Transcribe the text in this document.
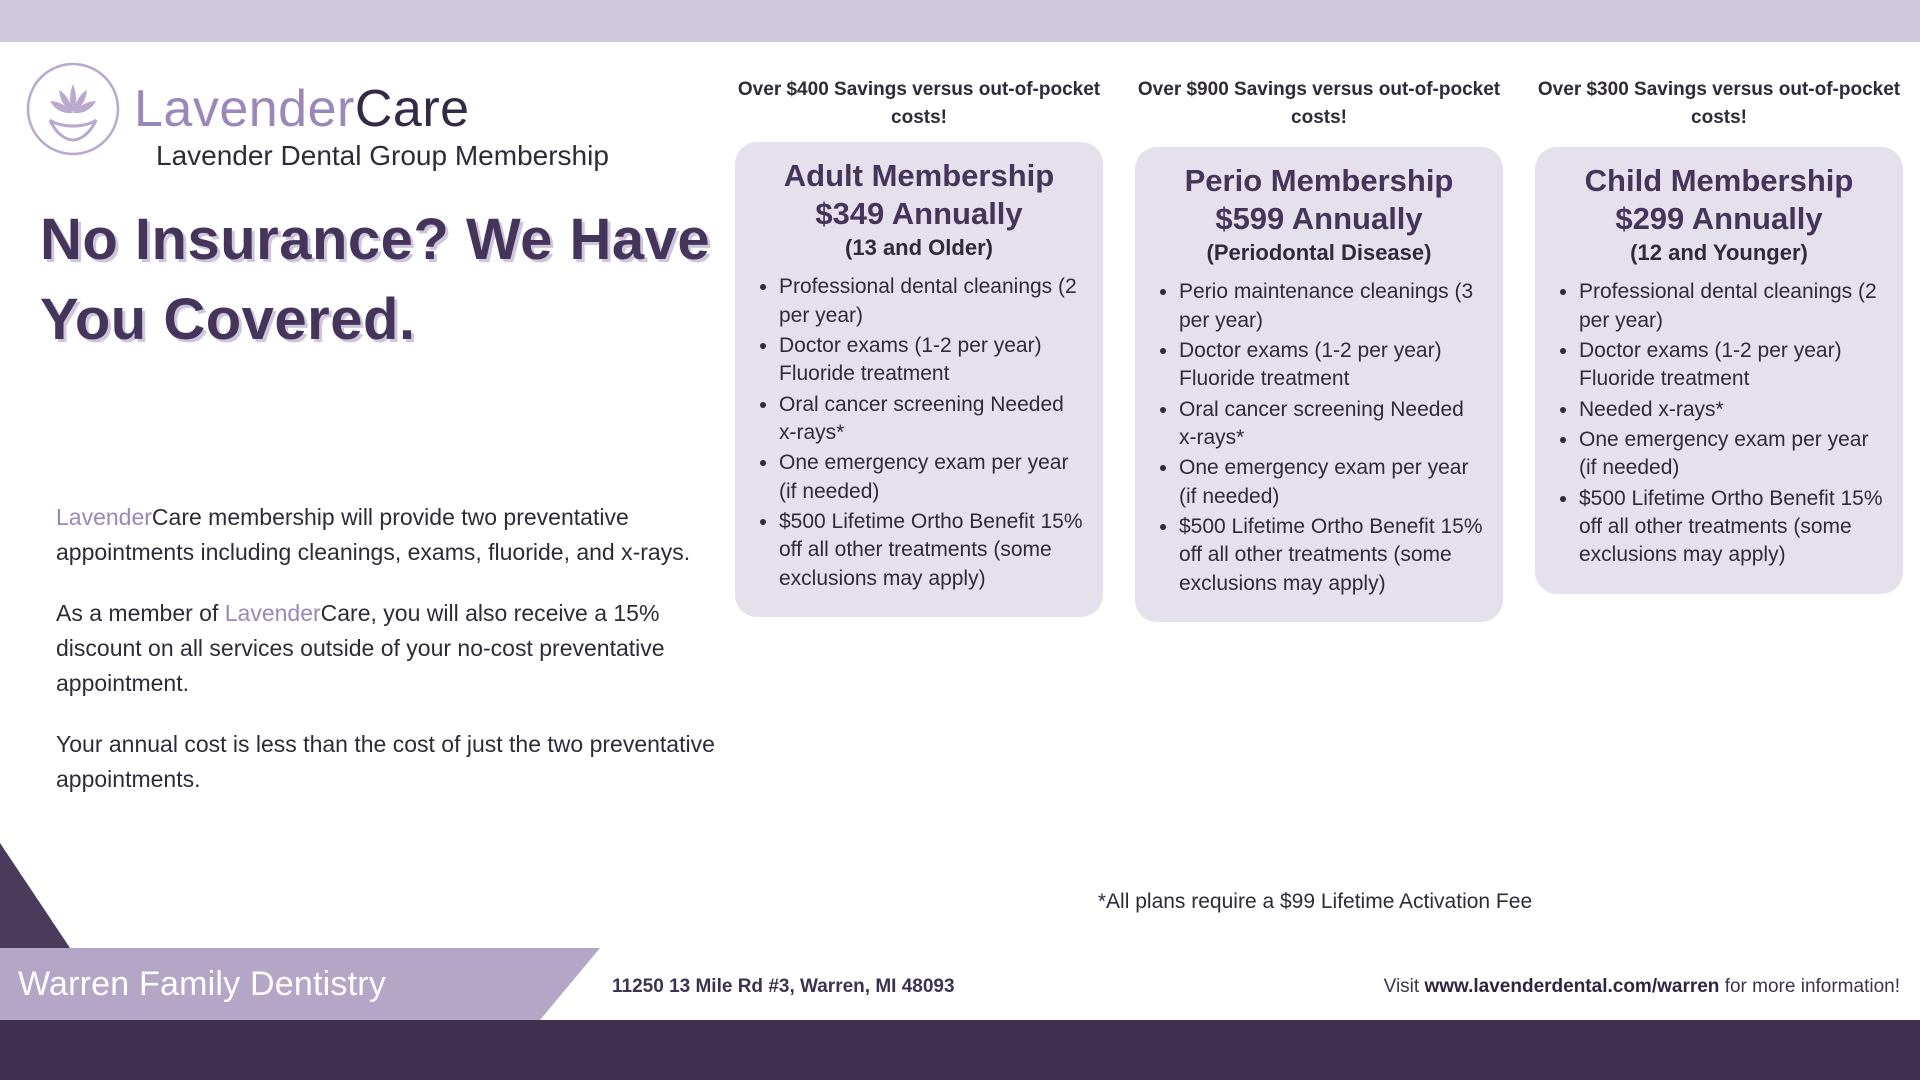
LavenderCare
Lavender Dental Group Membership
No Insurance? We Have You Covered.

LavenderCare membership will provide two preventative appointments including cleanings, exams, fluoride, and x-rays.

As a member of LavenderCare, you will also receive a 15% discount on all services outside of your no-cost preventative appointment.

Your annual cost is less than the cost of just the two preventative appointments.

Over $400 Savings versus out-of-pocket costs!
Adult Membership
$349 Annually
(13 and Older)
• Professional dental cleanings (2 per year)
• Doctor exams (1-2 per year) Fluoride treatment
• Oral cancer screening Needed x-rays*
• One emergency exam per year (if needed)
• $500 Lifetime Ortho Benefit 15% off all other treatments (some exclusions may apply)
Over $900 Savings versus out-of-pocket costs!
Perio Membership
$599 Annually
(Periodontal Disease)
• Perio maintenance cleanings (3 per year)
• Doctor exams (1-2 per year) Fluoride treatment
• Oral cancer screening Needed x-rays*
• One emergency exam per year (if needed)
• $500 Lifetime Ortho Benefit 15% off all other treatments (some exclusions may apply)
Over $300 Savings versus out-of-pocket costs!
Child Membership
$299 Annually
(12 and Younger)
• Professional dental cleanings (2 per year)
• Doctor exams (1-2 per year) Fluoride treatment
• Needed x-rays*
• One emergency exam per year (if needed)
• $500 Lifetime Ortho Benefit 15% off all other treatments (some exclusions may apply)
*All plans require a $99 Lifetime Activation Fee
Warren Family Dentistry	11250 13 Mile Rd #3, Warren, MI 48093	Visit www.lavenderdental.com/warren for more information!
